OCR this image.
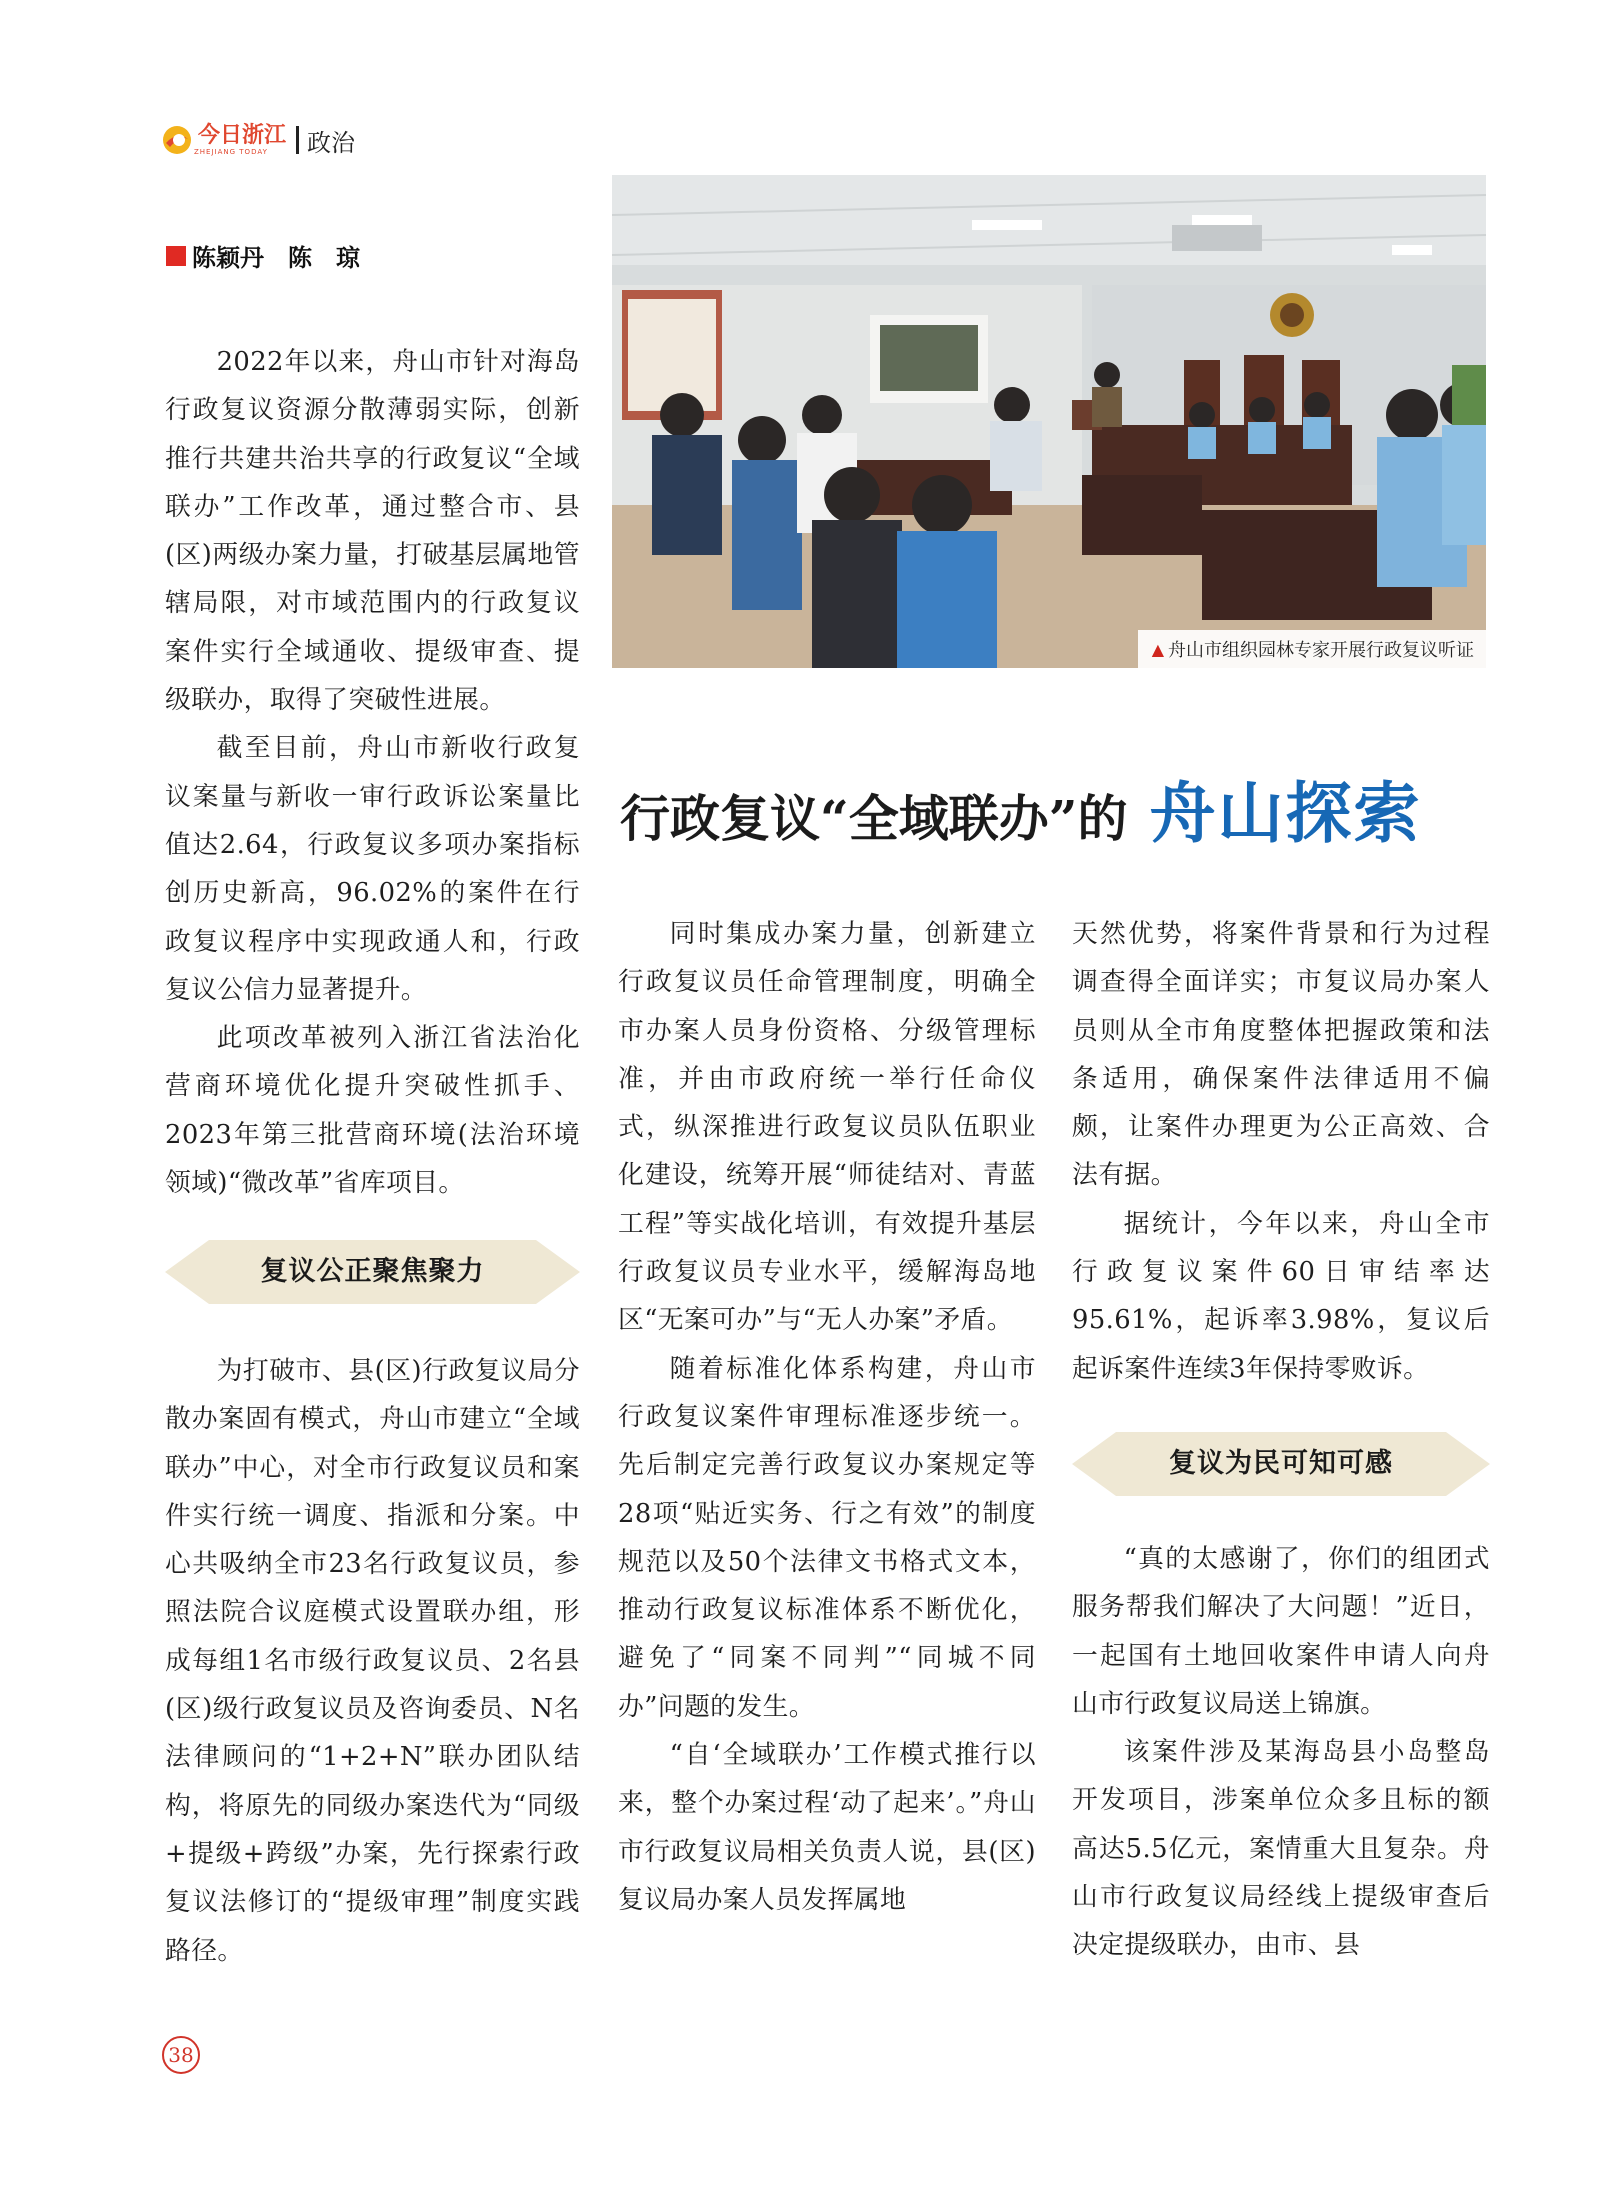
今日浙江
ZHEJIANG TODAY	政治
陈颖丹　陈　琼
▲ 舟山市组织园林专家开展行政复议听证
行政复议“全域联办”的 舟山探索

2022年以来，舟山市针对海岛行政复议资源分散薄弱实际，创新推行共建共治共享的行政复议“全域联办”工作改革，通过整合市、县(区)两级办案力量，打破基层属地管辖局限，对市域范围内的行政复议案件实行全域通收、提级审查、提级联办，取得了突破性进展。

截至目前，舟山市新收行政复议案量与新收一审行政诉讼案量比值达2.64，行政复议多项办案指标创历史新高，96.02%的案件在行政复议程序中实现政通人和，行政复议公信力显著提升。

此项改革被列入浙江省法治化营商环境优化提升突破性抓手、2023年第三批营商环境(法治环境领域)“微改革”省库项目。

复议公正聚焦聚力

为打破市、县(区)行政复议局分散办案固有模式，舟山市建立“全域联办”中心，对全市行政复议员和案件实行统一调度、指派和分案。中心共吸纳全市23名行政复议员，参照法院合议庭模式设置联办组，形成每组1名市级行政复议员、2名县(区)级行政复议员及咨询委员、N名法律顾问的“1+2+N”联办团队结构，将原先的同级办案迭代为“同级+提级+跨级”办案，先行探索行政复议法修订的“提级审理”制度实践路径。

同时集成办案力量，创新建立行政复议员任命管理制度，明确全市办案人员身份资格、分级管理标准，并由市政府统一举行任命仪式，纵深推进行政复议员队伍职业化建设，统筹开展“师徒结对、青蓝工程”等实战化培训，有效提升基层行政复议员专业水平，缓解海岛地区“无案可办”与“无人办案”矛盾。

随着标准化体系构建，舟山市行政复议案件审理标准逐步统一。先后制定完善行政复议办案规定等28项“贴近实务、行之有效”的制度规范以及50个法律文书格式文本，推动行政复议标准体系不断优化，避免了“同案不同判”“同城不同办”问题的发生。

“自‘全域联办’工作模式推行以来，整个办案过程‘动了起来’。”舟山市行政复议局相关负责人说，县(区)复议局办案人员发挥属地

天然优势，将案件背景和行为过程调查得全面详实；市复议局办案人员则从全市角度整体把握政策和法条适用，确保案件法律适用不偏颇，让案件办理更为公正高效、合法有据。

据统计，今年以来，舟山全市行政复议案件60日审结率达95.61%，起诉率3.98%，复议后起诉案件连续3年保持零败诉。

复议为民可知可感

“真的太感谢了，你们的组团式服务帮我们解决了大问题！”近日，一起国有土地回收案件申请人向舟山市行政复议局送上锦旗。

该案件涉及某海岛县小岛整岛开发项目，涉案单位众多且标的额高达5.5亿元，案情重大且复杂。舟山市行政复议局经线上提级审查后决定提级联办，由市、县

38
